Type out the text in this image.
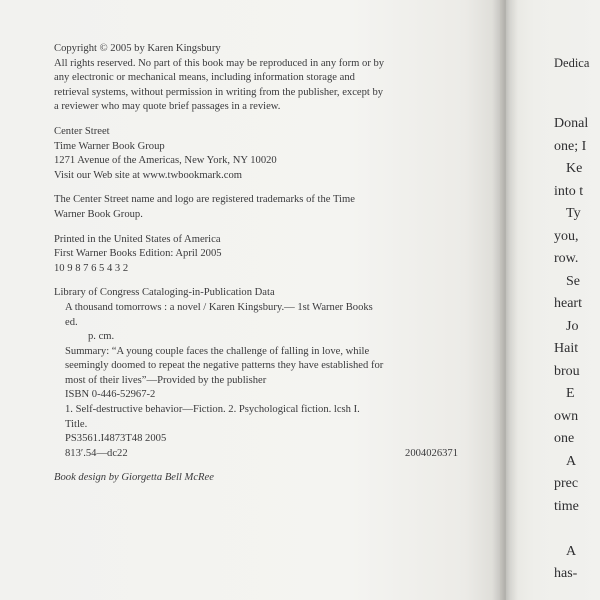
Copyright © 2005 by Karen Kingsbury

All rights reserved. No part of this book may be reproduced in any form or by

any electronic or mechanical means, including information storage and

retrieval systems, without permission in writing from the publisher, except by

a reviewer who may quote brief passages in a review.

Center Street

Time Warner Book Group

1271 Avenue of the Americas, New York, NY 10020

Visit our Web site at www.twbookmark.com

The Center Street name and logo are registered trademarks of the Time

Warner Book Group.

Printed in the United States of America

First Warner Books Edition: April 2005

10 9 8 7 6 5 4 3 2

Library of Congress Cataloging-in-Publication Data

A thousand tomorrows : a novel / Karen Kingsbury.— 1st Warner Books

ed.

p. cm.

Summary: “A young couple faces the challenge of falling in love, while

seemingly doomed to repeat the negative patterns they have established for

most of their lives”—Provided by the publisher

ISBN 0-446-52967-2

1. Self-destructive behavior—Fiction. 2. Psychological fiction. lcsh I.

Title.

PS3561.I4873T48 2005

813′.54—dc22	2004026371

Book design by Giorgetta Bell McRee

Dedica
Donal
one; I
Ke
into t
Ty
you,
row.
Se
heart
Jo
Hait
brou
E
own
one
A
prec
time
A
has-
